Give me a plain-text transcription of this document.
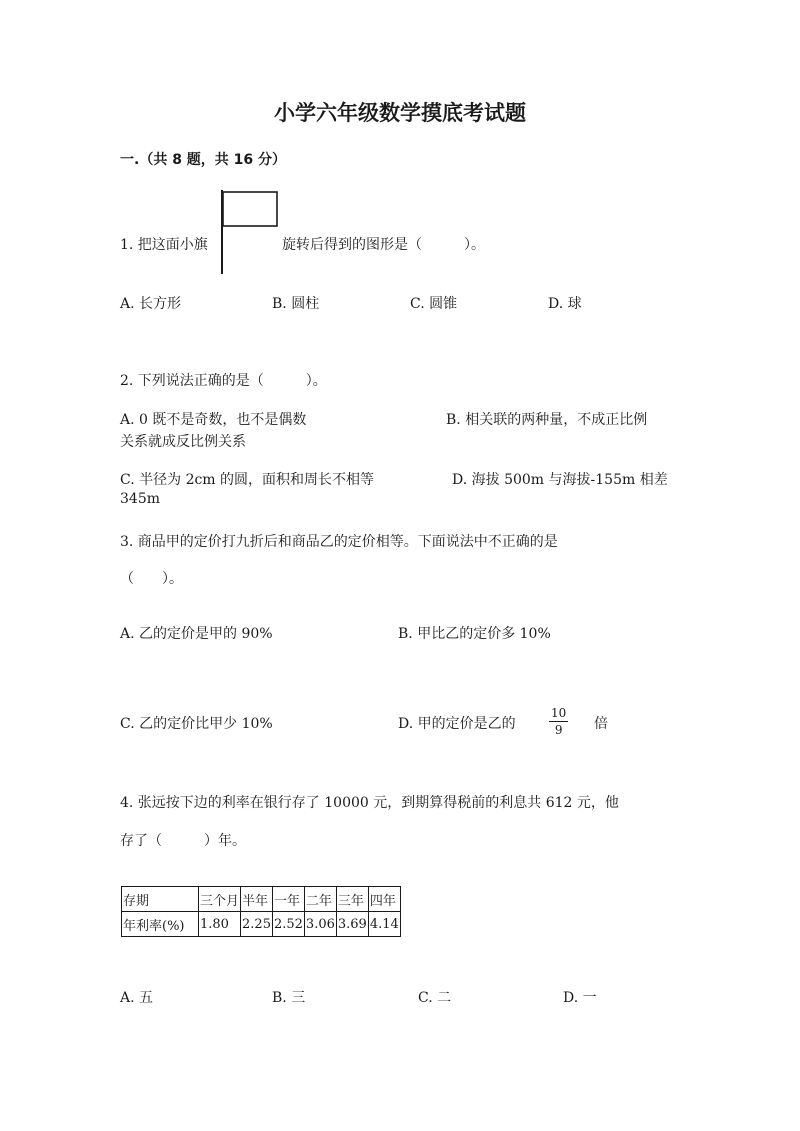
小学六年级数学摸底考试题
一.（共 8 题，共 16 分）
1. 把这面小旗	旋转后得到的图形是（　　　）。
A. 长方形	B. 圆柱	C. 圆锥	D. 球
2. 下列说法正确的是（　　　）。
A. 0 既不是奇数，也不是偶数	B. 相关联的两种量，不成正比例
关系就成反比例关系
C. 半径为 2cm 的圆，面积和周长不相等	D. 海拔 500m 与海拔-155m 相差
345m
3. 商品甲的定价打九折后和商品乙的定价相等。下面说法中不正确的是
（　　）。
A. 乙的定价是甲的 90%	B. 甲比乙的定价多 10%
C. 乙的定价比甲少 10%	D. 甲的定价是乙的	$\frac{10}{9}$ 倍
4. 张远按下边的利率在银行存了 10000 元，到期算得税前的利息共 612 元，他
存了（　　　）年。
存期	三个月	半年	一年	二年	三年	四年
年利率(%)	1.80	2.25	2.52	3.06	3.69	4.14
A. 五	B. 三	C. 二	D. 一
